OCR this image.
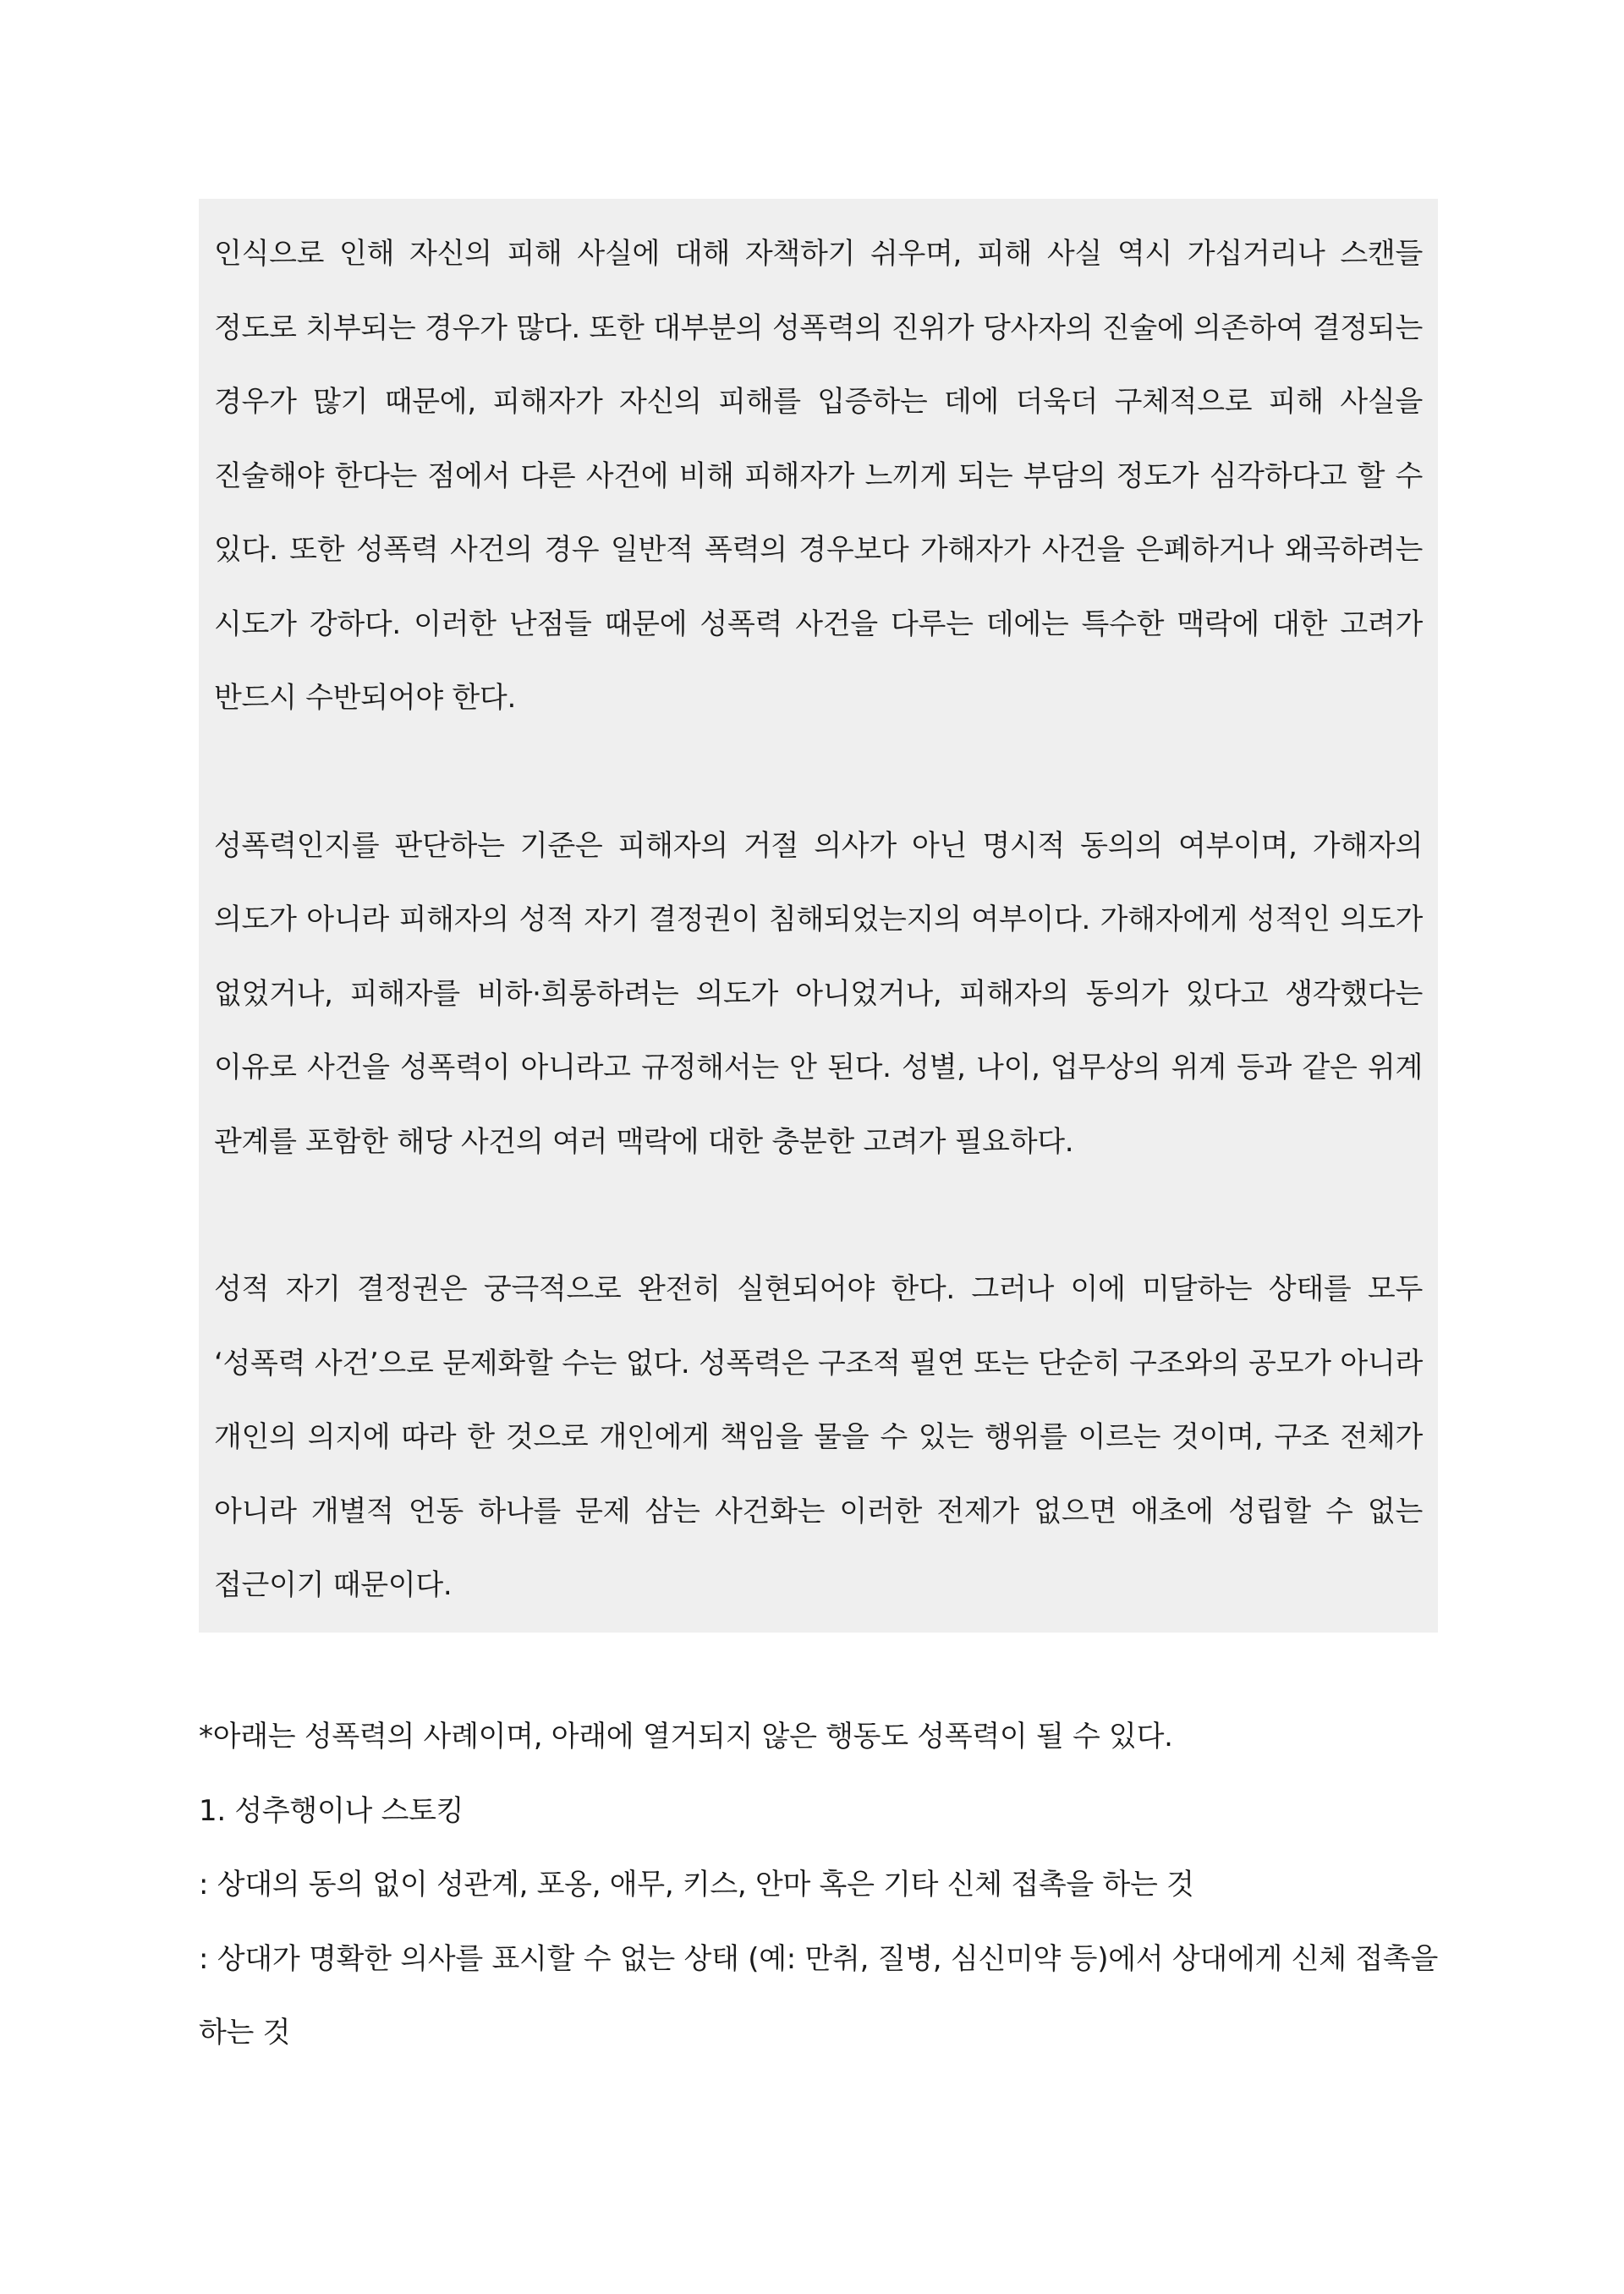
인식으로 인해 자신의 피해 사실에 대해 자책하기 쉬우며, 피해 사실 역시 가십거리나 스캔들 정도로 치부되는 경우가 많다. 또한 대부분의 성폭력의 진위가 당사자의 진술에 의존하여 결정되는 경우가 많기 때문에, 피해자가 자신의 피해를 입증하는 데에 더욱더 구체적으로 피해 사실을 진술해야 한다는 점에서 다른 사건에 비해 피해자가 느끼게 되는 부담의 정도가 심각하다고 할 수 있다. 또한 성폭력 사건의 경우 일반적 폭력의 경우보다 가해자가 사건을 은폐하거나 왜곡하려는 시도가 강하다. 이러한 난점들 때문에 성폭력 사건을 다루는 데에는 특수한 맥락에 대한 고려가 반드시 수반되어야 한다.

성폭력인지를 판단하는 기준은 피해자의 거절 의사가 아닌 명시적 동의의 여부이며, 가해자의 의도가 아니라 피해자의 성적 자기 결정권이 침해되었는지의 여부이다. 가해자에게 성적인 의도가 없었거나, 피해자를 비하·희롱하려는 의도가 아니었거나, 피해자의 동의가 있다고 생각했다는 이유로 사건을 성폭력이 아니라고 규정해서는 안 된다. 성별, 나이, 업무상의 위계 등과 같은 위계 관계를 포함한 해당 사건의 여러 맥락에 대한 충분한 고려가 필요하다.

성적 자기 결정권은 궁극적으로 완전히 실현되어야 한다. 그러나 이에 미달하는 상태를 모두 ‘성폭력 사건’으로 문제화할 수는 없다. 성폭력은 구조적 필연 또는 단순히 구조와의 공모가 아니라 개인의 의지에 따라 한 것으로 개인에게 책임을 물을 수 있는 행위를 이르는 것이며, 구조 전체가 아니라 개별적 언동 하나를 문제 삼는 사건화는 이러한 전제가 없으면 애초에 성립할 수 없는 접근이기 때문이다.

*아래는 성폭력의 사례이며, 아래에 열거되지 않은 행동도 성폭력이 될 수 있다.

1. 성추행이나 스토킹

: 상대의 동의 없이 성관계, 포옹, 애무, 키스, 안마 혹은 기타 신체 접촉을 하는 것

: 상대가 명확한 의사를 표시할 수 없는 상태 (예: 만취, 질병, 심신미약 등)에서 상대에게 신체 접촉을 하는 것
